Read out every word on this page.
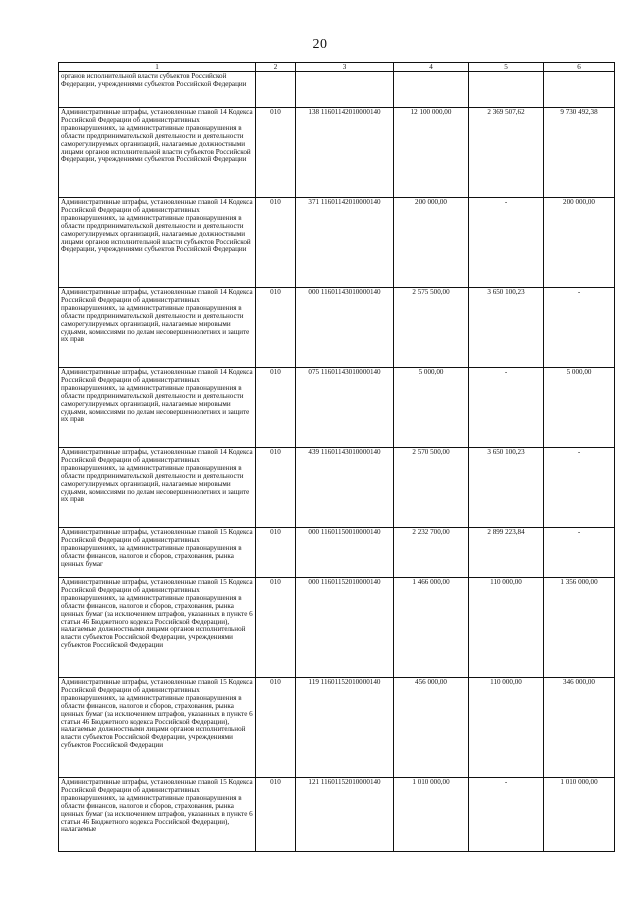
20
1	2	3	4	5	6
органов исполнительной власти субъектов Российской Федерации, учреждениями субъектов Российской Федерации					
Административные штрафы, установленные главой 14 Кодекса Российской Федерации об административных правонарушениях, за административные правонарушения в области предпринимательской деятельности и деятельности саморегулируемых организаций, налагаемые должностными лицами органов исполнительной власти субъектов Российской Федерации, учреждениями субъектов Российской Федерации	010	138 11601142010000140	12 100 000,00	2 369 507,62	9 730 492,38
Административные штрафы, установленные главой 14 Кодекса Российской Федерации об административных правонарушениях, за административные правонарушения в области предпринимательской деятельности и деятельности саморегулируемых организаций, налагаемые должностными лицами органов исполнительной власти субъектов Российской Федерации, учреждениями субъектов Российской Федерации	010	371 11601142010000140	200 000,00	-	200 000,00
Административные штрафы, установленные главой 14 Кодекса Российской Федерации об административных правонарушениях, за административные правонарушения в области предпринимательской деятельности и деятельности саморегулируемых организаций, налагаемые мировыми судьями, комиссиями по делам несовершеннолетних и защите их прав	010	000 11601143010000140	2 575 500,00	3 650 100,23	-
Административные штрафы, установленные главой 14 Кодекса Российской Федерации об административных правонарушениях, за административные правонарушения в области предпринимательской деятельности и деятельности саморегулируемых организаций, налагаемые мировыми судьями, комиссиями по делам несовершеннолетних и защите их прав	010	075 11601143010000140	5 000,00	-	5 000,00
Административные штрафы, установленные главой 14 Кодекса Российской Федерации об административных правонарушениях, за административные правонарушения в области предпринимательской деятельности и деятельности саморегулируемых организаций, налагаемые мировыми судьями, комиссиями по делам несовершеннолетних и защите их прав	010	439 11601143010000140	2 570 500,00	3 650 100,23	-
Административные штрафы, установленные главой 15 Кодекса Российской Федерации об административных правонарушениях, за административные правонарушения в области финансов, налогов и сборов, страхования, рынка ценных бумаг	010	000 11601150010000140	2 232 700,00	2 899 223,84	-
Административные штрафы, установленные главой 15 Кодекса Российской Федерации об административных правонарушениях, за административные правонарушения в области финансов, налогов и сборов, страхования, рынка ценных бумаг (за исключением штрафов, указанных в пункте 6 статьи 46 Бюджетного кодекса Российской Федерации), налагаемые должностными лицами органов исполнительной власти субъектов Российской Федерации, учреждениями субъектов Российской Федерации	010	000 11601152010000140	1 466 000,00	110 000,00	1 356 000,00
Административные штрафы, установленные главой 15 Кодекса Российской Федерации об административных правонарушениях, за административные правонарушения в области финансов, налогов и сборов, страхования, рынка ценных бумаг (за исключением штрафов, указанных в пункте 6 статьи 46 Бюджетного кодекса Российской Федерации), налагаемые должностными лицами органов исполнительной власти субъектов Российской Федерации, учреждениями субъектов Российской Федерации	010	119 11601152010000140	456 000,00	110 000,00	346 000,00
Административные штрафы, установленные главой 15 Кодекса Российской Федерации об административных правонарушениях, за административные правонарушения в области финансов, налогов и сборов, страхования, рынка ценных бумаг (за исключением штрафов, указанных в пункте 6 статьи 46 Бюджетного кодекса Российской Федерации), налагаемые	010	121 11601152010000140	1 010 000,00	-	1 010 000,00
